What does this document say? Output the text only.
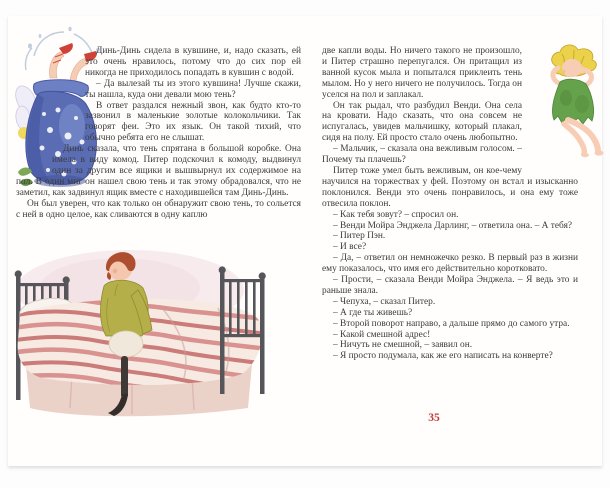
Динь-Динь сидела в кувшине, и, надо сказать, ей это очень нравилось, потому что до сих пор ей никогда не приходилось попадать в кувшин с водой.

– Да вылезай ты из этого кувшина! Лучше скажи, ты нашла, куда они девали мою тень?

В ответ раздался нежный звон, как будто кто-то зазвонил в маленькие золотые колокольчики. Так говорят феи. Это их язык. Он такой тихий, что обычно ребята его не слышат.

Динь сказала, что тень спрятана в большой коробке. Она имела в виду комод. Питер подскочил к комоду, выдвинул один за другим все ящики и вышвырнул их содержимое на пол. В один миг он нашел свою тень и так этому обрадовался, что не заметил, как задвинул ящик вместе с находившейся там Динь-Динь.

Он был уверен, что как только он обнаружит свою тень, то сольется с ней в одно целое, как сливаются в одну каплю

две капли воды. Но ничего такого не произошло, и Питер страшно перепугался. Он притащил из ванной кусок мыла и попытался приклеить тень мылом. Но у него ничего не получилось. Тогда он уселся на пол и заплакал.

Он так рыдал, что разбудил Венди. Она села на кровати. Надо сказать, что она совсем не испугалась, увидев мальчишку, который плакал, сидя на полу. Ей просто стало очень любопытно.

– Мальчик, – сказала она вежливым голосом. – Почему ты плачешь?

Питер тоже умел быть вежливым, он кое-чему научился на торжествах у фей. Поэтому он встал и изысканно поклонился. Венди это очень понравилось, и она ему тоже отвесила поклон.

– Как тебя зовут? – спросил он.

– Венди Мойра Энджела Дарлинг, – ответила она. – А тебя?

– Питер Пэн.

– И все?

– Да, – ответил он немножечко резко. В первый раз в жизни ему показалось, что имя его действительно коротковато.

– Прости, – сказала Венди Мойра Энджела. – Я ведь это и раньше знала.

– Чепуха, – сказал Питер.

– А где ты живешь?

– Второй поворот направо, а дальше прямо до самого утра.

– Какой смешной адрес!

– Ничуть не смешной, – заявил он.

– Я просто подумала, как же его написать на конверте?

35
